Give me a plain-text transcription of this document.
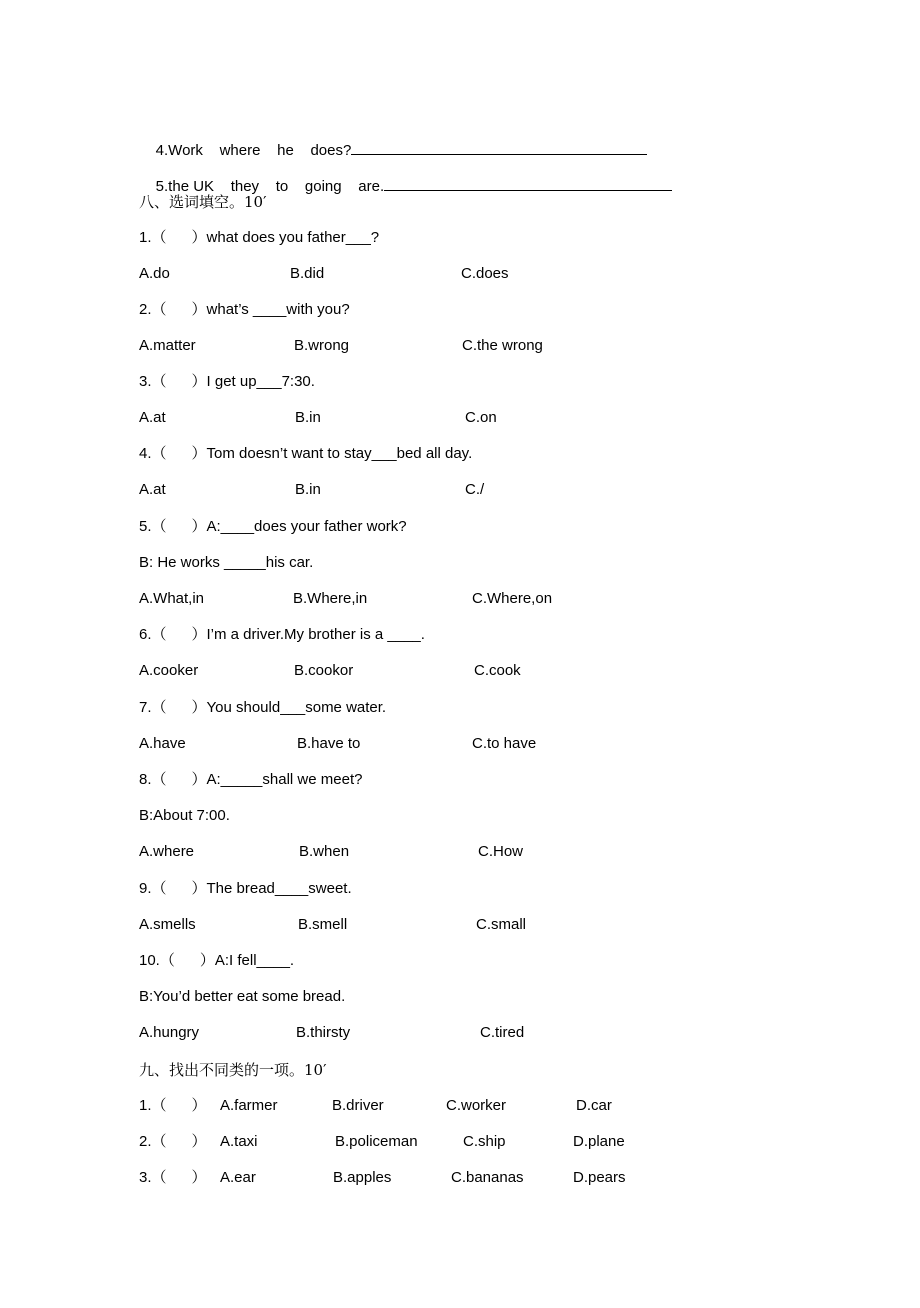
4.Work    where    he    does?

5.the UK    they    to    going    are.

八、选词填空。10′
1.（      ）what does you father___?

A.do

	B.did

	C.does

2.（      ）what’s ____with you?

A.matter

	B.wrong

	C.the wrong

3.（      ）I get up___7:30.

A.at

	B.in

	C.on

4.（      ）Tom doesn’t want to stay___bed all day.

A.at

	B.in

	C./

5.（      ）A:____does your father work?
B: He works _____his car.

A.What,in

	B.Where,in

	C.Where,on

6.（      ）I’m a driver.My brother is a ____.

A.cooker

	B.cookor

	C.cook

7.（      ）You should___some water.

A.have

	B.have to

	C.to have

8.（      ）A:_____shall we meet?
B:About 7:00.

A.where

	B.when

	C.How

9.（      ）The bread____sweet.

A.smells

	B.smell

	C.small

10.（      ）A:I fell____.
B:You’d better eat some bread.

A.hungry

	B.thirsty

	C.tired

九、找出不同类的一项。10′

1.（      ）

A.farmer

	B.driver

	C.worker

	D.car

2.（      ）

A.taxi

	B.policeman

	C.ship

	D.plane

3.（      ）

A.ear

	B.apples

	C.bananas

	D.pears
